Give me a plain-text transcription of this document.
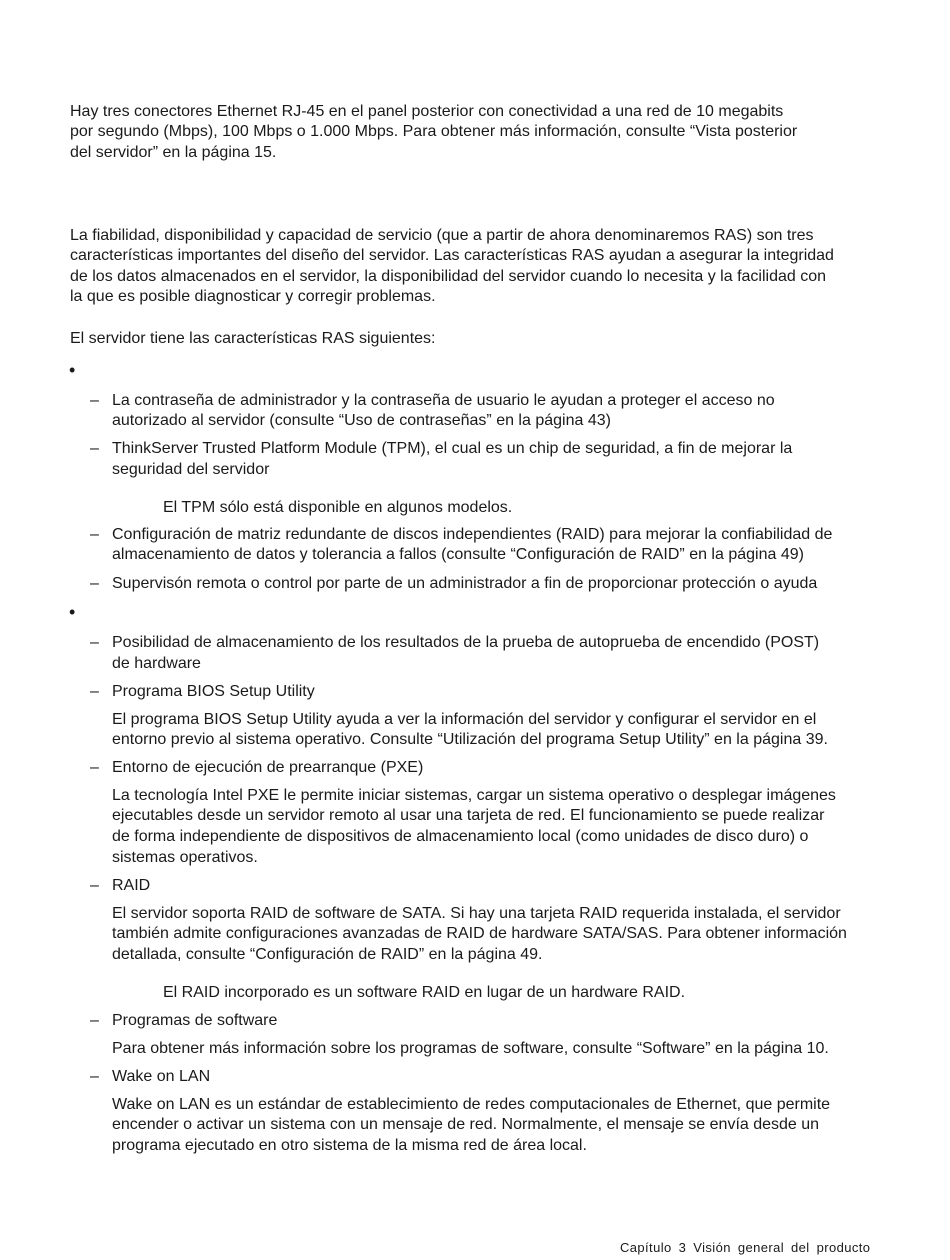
Hay tres conectores Ethernet RJ-45 en el panel posterior con conectividad a una red de 10 megabits

por segundo (Mbps), 100 Mbps o 1.000 Mbps. Para obtener más información, consulte “Vista posterior

del servidor” en la página 15.

La fiabilidad, disponibilidad y capacidad de servicio (que a partir de ahora denominaremos RAS) son tres

características importantes del diseño del servidor. Las características RAS ayudan a asegurar la integridad

de los datos almacenados en el servidor, la disponibilidad del servidor cuando lo necesita y la facilidad con

la que es posible diagnosticar y corregir problemas.

El servidor tiene las características RAS siguientes:

•
– La contraseña de administrador y la contraseña de usuario le ayudan a proteger el acceso no

autorizado al servidor (consulte “Uso de contraseñas” en la página 43)

– ThinkServer Trusted Platform Module (TPM), el cual es un chip de seguridad, a fin de mejorar la

seguridad del servidor

El TPM sólo está disponible en algunos modelos.

– Configuración de matriz redundante de discos independientes (RAID) para mejorar la confiabilidad de

almacenamiento de datos y tolerancia a fallos (consulte “Configuración de RAID” en la página 49)

– Supervisón remota o control por parte de un administrador a fin de proporcionar protección o ayuda

•
– Posibilidad de almacenamiento de los resultados de la prueba de autoprueba de encendido (POST)

de hardware

– Programa BIOS Setup Utility

El programa BIOS Setup Utility ayuda a ver la información del servidor y configurar el servidor en el

entorno previo al sistema operativo. Consulte “Utilización del programa Setup Utility” en la página 39.

– Entorno de ejecución de prearranque (PXE)

La tecnología Intel PXE le permite iniciar sistemas, cargar un sistema operativo o desplegar imágenes

ejecutables desde un servidor remoto al usar una tarjeta de red. El funcionamiento se puede realizar

de forma independiente de dispositivos de almacenamiento local (como unidades de disco duro) o

sistemas operativos.

– RAID

El servidor soporta RAID de software de SATA. Si hay una tarjeta RAID requerida instalada, el servidor

también admite configuraciones avanzadas de RAID de hardware SATA/SAS. Para obtener información

detallada, consulte “Configuración de RAID” en la página 49.

El RAID incorporado es un software RAID en lugar de un hardware RAID.

– Programas de software

Para obtener más información sobre los programas de software, consulte “Software” en la página 10.

– Wake on LAN

Wake on LAN es un estándar de establecimiento de redes computacionales de Ethernet, que permite

encender o activar un sistema con un mensaje de red. Normalmente, el mensaje se envía desde un

programa ejecutado en otro sistema de la misma red de área local.

Capítulo 3 Visión general del producto
